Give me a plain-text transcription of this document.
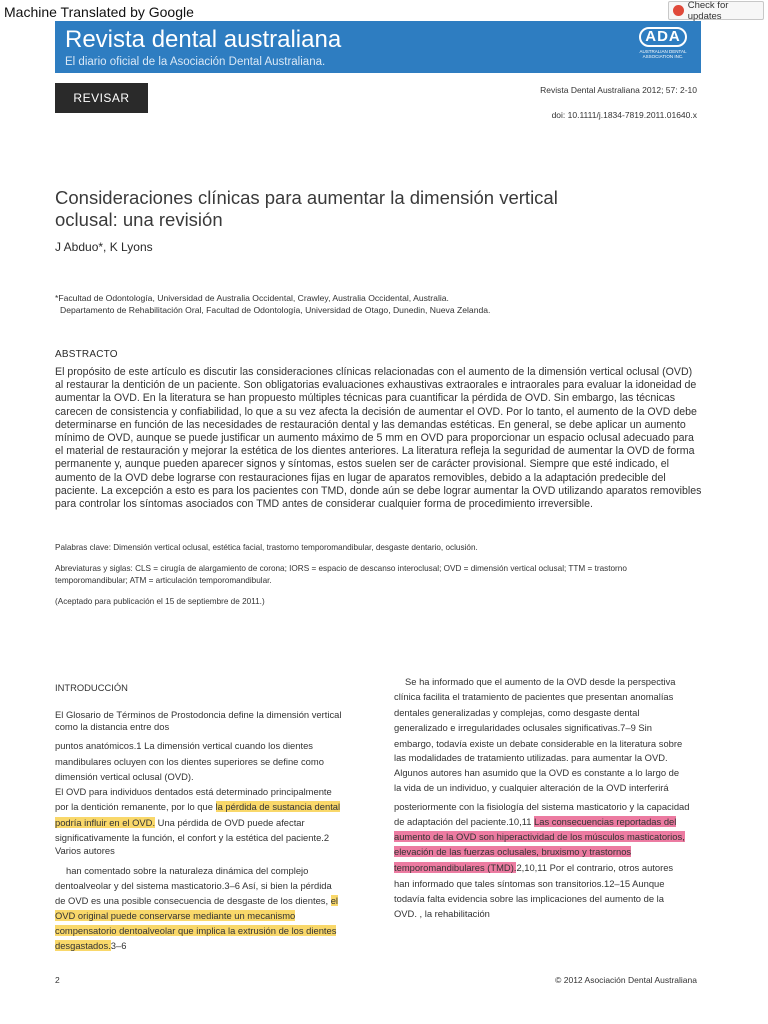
Machine Translated by Google	Check for updates
Revista dental australiana
El diario oficial de la Asociación Dental Australiana.
ADA
AUSTRALIAN DENTAL ASSOCIATION INC.
REVISAR
Revista Dental Australiana 2012; 57: 2-10
doi: 10.1111/j.1834-7819.2011.01640.x
Consideraciones clínicas para aumentar la dimensión vertical
oclusal: una revisión
J Abduo*, K Lyons
*Facultad de Odontología, Universidad de Australia Occidental, Crawley, Australia Occidental, Australia.
Departamento de Rehabilitación Oral, Facultad de Odontología, Universidad de Otago, Dunedin, Nueva Zelanda.
ABSTRACTO
El propósito de este artículo es discutir las consideraciones clínicas relacionadas con el aumento de la dimensión vertical oclusal (OVD) al restaurar la dentición de un paciente. Son obligatorias evaluaciones exhaustivas extraorales e intraorales para evaluar la idoneidad de aumentar la OVD. En la literatura se han propuesto múltiples técnicas para cuantificar la pérdida de OVD. Sin embargo, las técnicas carecen de consistencia y confiabilidad, lo que a su vez afecta la decisión de aumentar el OVD. Por lo tanto, el aumento de la OVD debe determinarse en función de las necesidades de restauración dental y las demandas estéticas. En general, se debe aplicar un aumento mínimo de OVD, aunque se puede justificar un aumento máximo de 5 mm en OVD para proporcionar un espacio oclusal adecuado para el material de restauración y mejorar la estética de los dientes anteriores. La literatura refleja la seguridad de aumentar la OVD de forma permanente y, aunque pueden aparecer signos y síntomas, estos suelen ser de carácter provisional. Siempre que esté indicado, el aumento de la OVD debe lograrse con restauraciones fijas en lugar de aparatos removibles, debido a la adaptación predecible del paciente. La excepción a esto es para los pacientes con TMD, donde aún se debe lograr aumentar la OVD utilizando aparatos removibles para controlar los síntomas asociados con TMD antes de considerar cualquier forma de procedimiento irreversible.
Palabras clave: Dimensión vertical oclusal, estética facial, trastorno temporomandibular, desgaste dentario, oclusión.
Abreviaturas y siglas: CLS = cirugía de alargamiento de corona; IORS = espacio de descanso interoclusal; OVD = dimensión vertical oclusal; TTM = trastorno
temporomandibular; ATM = articulación temporomandibular.
(Aceptado para publicación el 15 de septiembre de 2011.)
INTRODUCCIÓN
El Glosario de Términos de Prostodoncia define la dimensión vertical
como la distancia entre dos
puntos anatómicos.1 La dimensión vertical cuando los dientes
mandibulares ocluyen con los dientes superiores se define como
dimensión vertical oclusal (OVD).
El OVD para individuos dentados está determinado principalmente
por la dentición remanente, por lo que la pérdida de sustancia dental
podría influir en el OVD. Una pérdida de OVD puede afectar
significativamente la función, el confort y la estética del paciente.2
Varios autores
han comentado sobre la naturaleza dinámica del complejo
dentoalveolar y del sistema masticatorio.3–6 Así, si bien la pérdida
de OVD es una posible consecuencia de desgaste de los dientes, el
OVD original puede conservarse mediante un mecanismo
compensatorio dentoalveolar que implica la extrusión de los dientes
desgastados.3–6
Se ha informado que el aumento de la OVD desde la perspectiva
clínica facilita el tratamiento de pacientes que presentan anomalías
dentales generalizadas y complejas, como desgaste dental
generalizado e irregularidades oclusales significativas.7–9 Sin
embargo, todavía existe un debate considerable en la literatura sobre
las modalidades de tratamiento utilizadas. para aumentar la OVD.
Algunos autores han asumido que la OVD es constante a lo largo de
la vida de un individuo, y cualquier alteración de la OVD interferirá
posteriormente con la fisiología del sistema masticatorio y la capacidad
de adaptación del paciente.10,11 Las consecuencias reportadas del
aumento de la OVD son hiperactividad de los músculos masticatorios,
elevación de las fuerzas oclusales, bruxismo y trastornos
temporomandibulares (TMD).2,10,11 Por el contrario, otros autores
han informado que tales síntomas son transitorios.12–15 Aunque
todavía falta evidencia sobre las implicaciones del aumento de la
OVD. , la rehabilitación
2	© 2012 Asociación Dental Australiana
